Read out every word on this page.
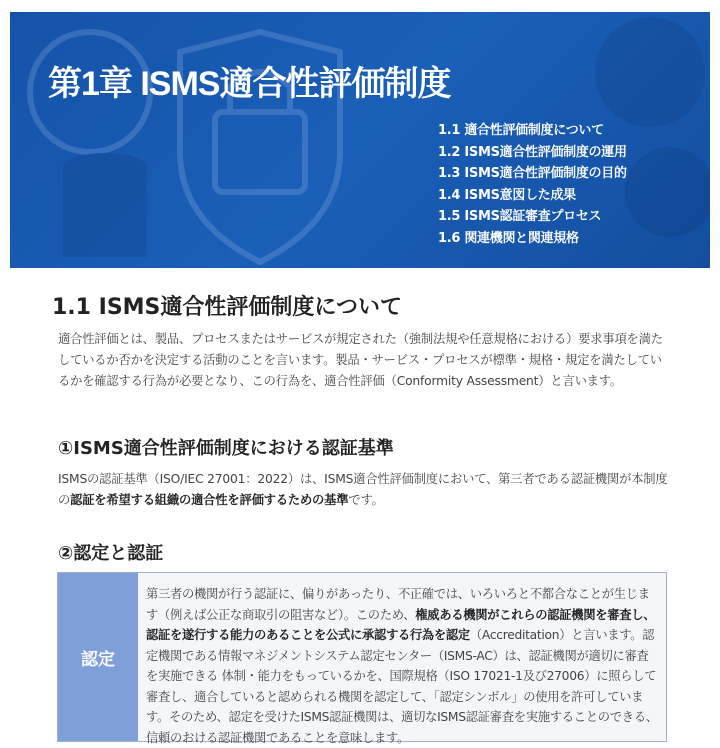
第1章 ISMS適合性評価制度
1.1 適合性評価制度について
1.2 ISMS適合性評価制度の運用
1.3 ISMS適合性評価制度の目的
1.4 ISMS意図した成果
1.5 ISMS認証審査プロセス
1.6 関連機関と関連規格
1.1 ISMS適合性評価制度について

適合性評価とは、製品、プロセスまたはサービスが規定された（強制法規や任意規格における）要求事項を満たしているか否かを決定する活動のことを言います。製品・サービス・プロセスが標準・規格・規定を満たしているかを確認する行為が必要となり、この行為を、適合性評価（Conformity Assessment）と言います。

①ISMS適合性評価制度における認証基準

ISMSの認証基準（ISO/IEC 27001：2022）は、ISMS適合性評価制度において、第三者である認証機関が本制度の認証を希望する組織の適合性を評価するための基準です。

②認定と認証
認定
第三者の機関が行う認証に、偏りがあったり、不正確では、いろいろと不都合なことが生じます（例えば公正な商取引の阻害など）。このため、権威ある機関がこれらの認証機関を審査し、認証を遂行する能力のあることを公式に承認する行為を認定（Accreditation）と言います。認定機関である情報マネジメントシステム認定センター（ISMS-AC）は、認証機関が適切に審査を実施できる 体制・能力をもっているかを、国際規格（ISO 17021-1及び27006）に照らして審査し、適合していると認められる機関を認定して、「認定シンボル」の使用を許可しています。そのため、認定を受けたISMS認証機関は、適切なISMS認証審査を実施することのできる、信頼のおける認証機関であることを意味します。
